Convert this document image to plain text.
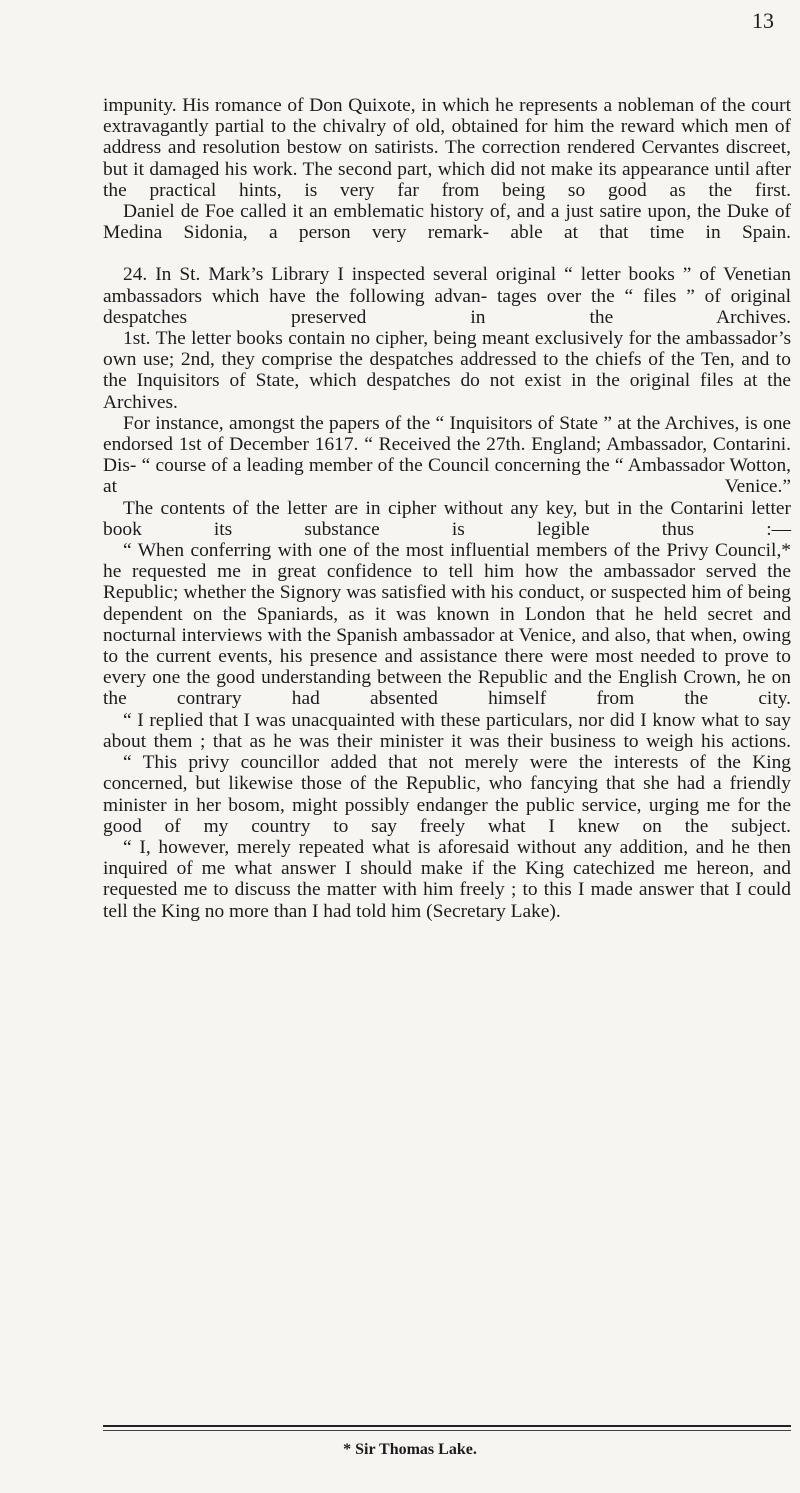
13

impunity. His romance of Don Quixote, in which he represents a nobleman of the court extravagantly partial to the chivalry of old, obtained for him the reward which men of address and resolution bestow on satirists. The correction rendered Cervantes discreet, but it damaged his work. The second part, which did not make its appearance until after the practical hints, is very far from being so good as the first.

Daniel de Foe called it an emblematic history of, and a just satire upon, the Duke of Medina Sidonia, a person very remark- able at that time in Spain.

24. In St. Mark’s Library I inspected several original “ letter books ” of Venetian ambassadors which have the following advan- tages over the “ files ” of original despatches preserved in the Archives.

1st. The letter books contain no cipher, being meant exclusively for the ambassador’s own use; 2nd, they comprise the despatches addressed to the chiefs of the Ten, and to the Inquisitors of State, which despatches do not exist in the original files at the Archives.

For instance, amongst the papers of the “ Inquisitors of State ” at the Archives, is one endorsed 1st of December 1617. “ Received the 27th. England; Ambassador, Contarini. Dis- “ course of a leading member of the Council concerning the “ Ambassador Wotton, at Venice.”

The contents of the letter are in cipher without any key, but in the Contarini letter book its substance is legible thus :—

“ When conferring with one of the most influential members of the Privy Council,* he requested me in great confidence to tell him how the ambassador served the Republic; whether the Signory was satisfied with his conduct, or suspected him of being dependent on the Spaniards, as it was known in London that he held secret and nocturnal interviews with the Spanish ambassador at Venice, and also, that when, owing to the current events, his presence and assistance there were most needed to prove to every one the good understanding between the Republic and the English Crown, he on the contrary had absented himself from the city.

“ I replied that I was unacquainted with these particulars, nor did I know what to say about them ; that as he was their minister it was their business to weigh his actions.

“ This privy councillor added that not merely were the interests of the King concerned, but likewise those of the Republic, who fancying that she had a friendly minister in her bosom, might possibly endanger the public service, urging me for the good of my country to say freely what I knew on the subject.

“ I, however, merely repeated what is aforesaid without any addition, and he then inquired of me what answer I should make if the King catechized me hereon, and requested me to discuss the matter with him freely ; to this I made answer that I could tell the King no more than I had told him (Secretary Lake).

* Sir Thomas Lake.
